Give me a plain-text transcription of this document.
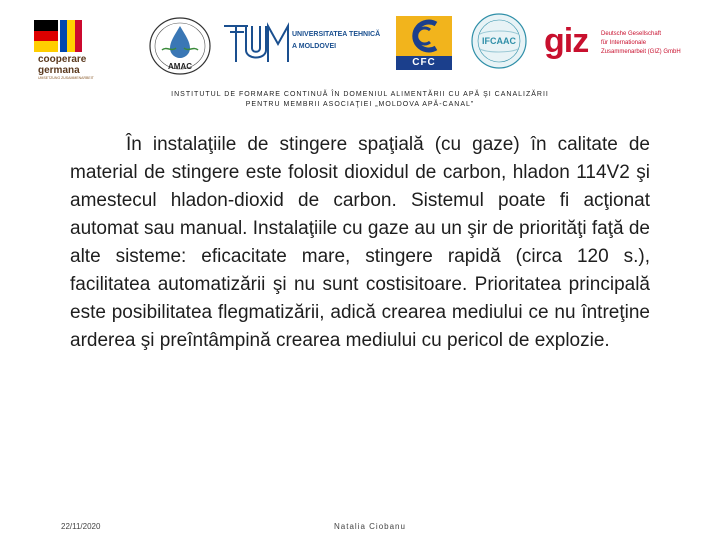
cooperare
germana
UMSETZUNG ZUSAMMENARBEIT
AMAC
UNIVERSITATEA TEHNICĂ
A MOLDOVEI
CFC
IFCAAC giz Deutsche Gesellschaft
für Internationale
Zusammenarbeit (GIZ) GmbH
INSTITUTUL DE FORMARE CONTINUĂ ÎN DOMENIUL ALIMENTĂRII CU APĂ ŞI CANALIZĂRII
PENTRU MEMBRII ASOCIAŢIEI „MOLDOVA APĂ-CANAL”

În instalaţiile de stingere spaţială (cu gaze) în calitate de material de stingere este folosit dioxidul de carbon, hladon 114V2 şi amestecul hladon-dioxid de carbon. Sistemul poate fi acţionat automat sau manual. Instalaţiile cu gaze au un şir de priorităţi faţă de alte sisteme: eficacitate mare, stingere rapidă (circa 120 s.), facilitatea automatizării şi nu sunt costisitoare. Prioritatea principală este posibilitatea flegmatizării, adică crearea mediului ce nu întreţine arderea şi preîntâmpină crearea mediului cu pericol de explozie.

22/11/2020	Natalia Ciobanu
